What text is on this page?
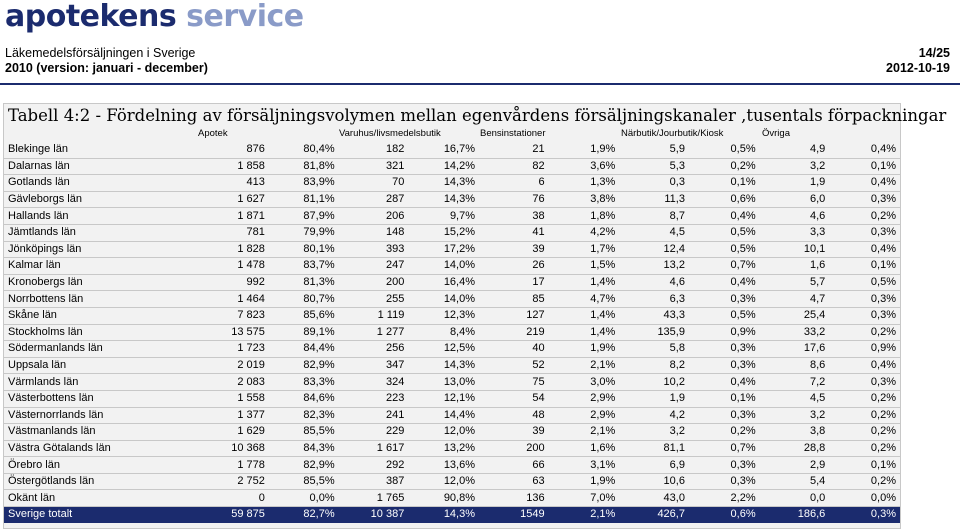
apotekens service
Läkemedelsförsäljningen i Sverige
2010 (version: januari - december)
14/25
2012-10-19
Tabell 4:2 - Fördelning av försäljningsvolymen mellan egenvårdens försäljningskanaler ,tusentals förpackningar
Apotek	Varuhus/livsmedelsbutik	Bensinstationer	Närbutik/Jourbutik/Kiosk	Övriga
Blekinge län	876	80,4%	182	16,7%	21	1,9%	5,9	0,5%	4,9	0,4%
Dalarnas län	1 858	81,8%	321	14,2%	82	3,6%	5,3	0,2%	3,2	0,1%
Gotlands län	413	83,9%	70	14,3%	6	1,3%	0,3	0,1%	1,9	0,4%
Gävleborgs län	1 627	81,1%	287	14,3%	76	3,8%	11,3	0,6%	6,0	0,3%
Hallands län	1 871	87,9%	206	9,7%	38	1,8%	8,7	0,4%	4,6	0,2%
Jämtlands län	781	79,9%	148	15,2%	41	4,2%	4,5	0,5%	3,3	0,3%
Jönköpings län	1 828	80,1%	393	17,2%	39	1,7%	12,4	0,5%	10,1	0,4%
Kalmar län	1 478	83,7%	247	14,0%	26	1,5%	13,2	0,7%	1,6	0,1%
Kronobergs län	992	81,3%	200	16,4%	17	1,4%	4,6	0,4%	5,7	0,5%
Norrbottens län	1 464	80,7%	255	14,0%	85	4,7%	6,3	0,3%	4,7	0,3%
Skåne län	7 823	85,6%	1 119	12,3%	127	1,4%	43,3	0,5%	25,4	0,3%
Stockholms län	13 575	89,1%	1 277	8,4%	219	1,4%	135,9	0,9%	33,2	0,2%
Södermanlands län	1 723	84,4%	256	12,5%	40	1,9%	5,8	0,3%	17,6	0,9%
Uppsala län	2 019	82,9%	347	14,3%	52	2,1%	8,2	0,3%	8,6	0,4%
Värmlands län	2 083	83,3%	324	13,0%	75	3,0%	10,2	0,4%	7,2	0,3%
Västerbottens län	1 558	84,6%	223	12,1%	54	2,9%	1,9	0,1%	4,5	0,2%
Västernorrlands län	1 377	82,3%	241	14,4%	48	2,9%	4,2	0,3%	3,2	0,2%
Västmanlands län	1 629	85,5%	229	12,0%	39	2,1%	3,2	0,2%	3,8	0,2%
Västra Götalands län	10 368	84,3%	1 617	13,2%	200	1,6%	81,1	0,7%	28,8	0,2%
Örebro län	1 778	82,9%	292	13,6%	66	3,1%	6,9	0,3%	2,9	0,1%
Östergötlands län	2 752	85,5%	387	12,0%	63	1,9%	10,6	0,3%	5,4	0,2%
Okänt län	0	0,0%	1 765	90,8%	136	7,0%	43,0	2,2%	0,0	0,0%
Sverige totalt	59 875	82,7%	10 387	14,3%	1549	2,1%	426,7	0,6%	186,6	0,3%
